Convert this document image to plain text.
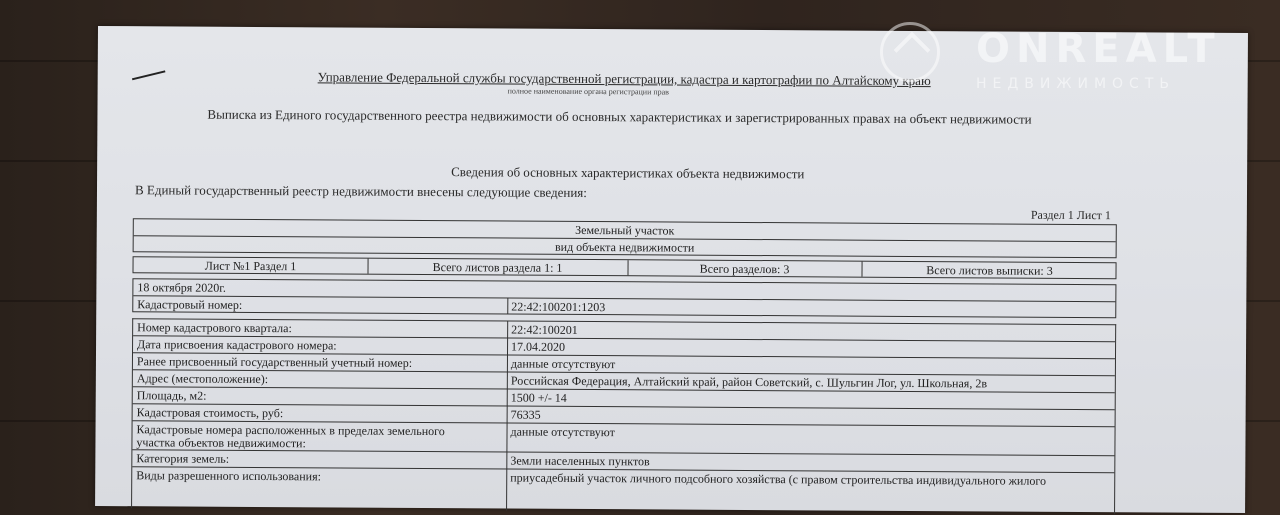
Управление Федеральной службы государственной регистрации, кадастра и картографии по Алтайскому краю
полное наименование органа регистрации прав
Выписка из Единого государственного реестра недвижимости об основных характеристиках и зарегистрированных правах на объект недвижимости
Сведения об основных характеристиках объекта недвижимости
В Единый государственный реестр недвижимости внесены следующие сведения:
Раздел 1 Лист 1
Земельный участок
вид объекта недвижимости
Лист №1 Раздел 1	Всего листов раздела 1: 1	Всего разделов: 3	Всего листов выписки: 3
18 октября 2020г.
Кадастровый номер:	22:42:100201:1203
Номер кадастрового квартала:	22:42:100201
Дата присвоения кадастрового номера:	17.04.2020
Ранее присвоенный государственный учетный номер:	данные отсутствуют
Адрес (местоположение):	Российская Федерация, Алтайский край, район Советский, с. Шульгин Лог, ул. Школьная, 2в
Площадь, м2:	1500 +/- 14
Кадастровая стоимость, руб:	76335
Кадастровые номера расположенных в пределах земельного
участка объектов недвижимости:
данные отсутствуют
Категория земель:	Земли населенных пунктов
Виды разрешенного использования:	приусадебный участок личного подсобного хозяйства (с правом строительства индивидуального жилого
ONREALT
НЕДВИЖИМОСТЬ
